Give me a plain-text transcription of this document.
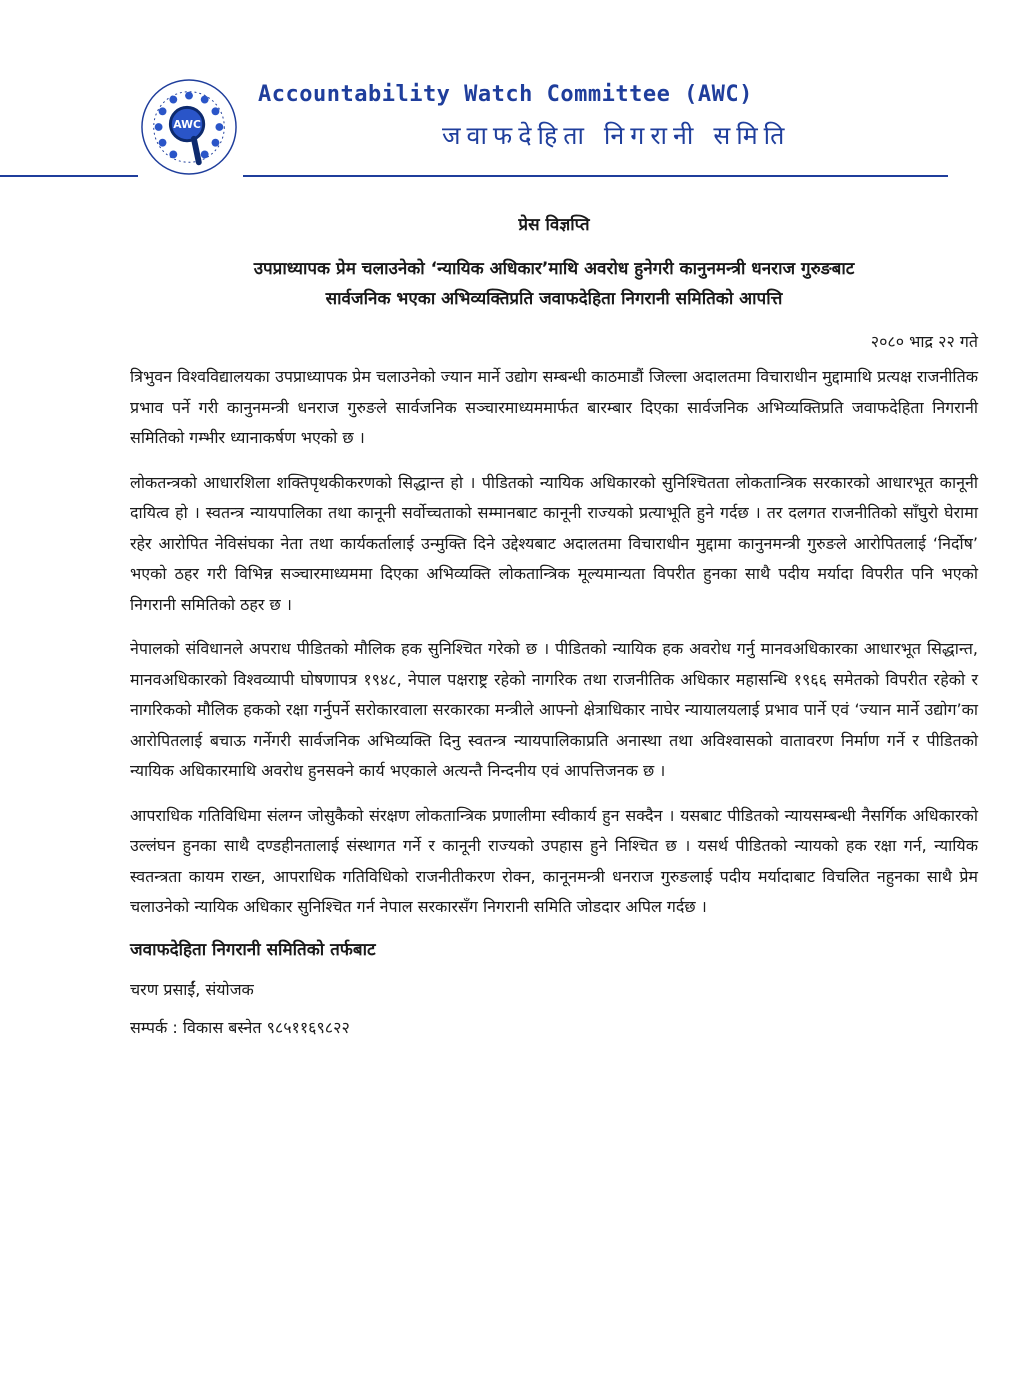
AWC
Accountability Watch Committee (AWC)
जवाफदेहिता निगरानी समिति

प्रेस विज्ञप्ति

उपप्राध्यापक प्रेम चलाउनेको ‘न्यायिक अधिकार’माथि अवरोध हुनेगरी कानुनमन्त्री धनराज गुरुङबाट
सार्वजनिक भएका अभिव्यक्तिप्रति जवाफदेहिता निगरानी समितिको आपत्ति

२०८० भाद्र २२ गते

त्रिभुवन विश्वविद्यालयका उपप्राध्यापक प्रेम चलाउनेको ज्यान मार्ने उद्योग सम्बन्धी काठमाडौं जिल्ला अदालतमा विचाराधीन मुद्दामाथि प्रत्यक्ष राजनीतिक प्रभाव पर्ने गरी कानुनमन्त्री धनराज गुरुङले सार्वजनिक सञ्चारमाध्यममार्फत बारम्बार दिएका सार्वजनिक अभिव्यक्तिप्रति जवाफदेहिता निगरानी समितिको गम्भीर ध्यानाकर्षण भएको छ ।

लोकतन्त्रको आधारशिला शक्तिपृथकीकरणको सिद्धान्त हो । पीडितको न्यायिक अधिकारको सुनिश्चितता लोकतान्त्रिक सरकारको आधारभूत कानूनी दायित्व हो । स्वतन्त्र न्यायपालिका तथा कानूनी सर्वोच्चताको सम्मानबाट कानूनी राज्यको प्रत्याभूति हुने गर्दछ । तर दलगत राजनीतिको साँघुरो घेरामा रहेर आरोपित नेविसंघका नेता तथा कार्यकर्तालाई उन्मुक्ति दिने उद्देश्यबाट अदालतमा विचाराधीन मुद्दामा कानुनमन्त्री गुरुङले आरोपितलाई ‘निर्दोष’ भएको ठहर गरी विभिन्न सञ्चारमाध्यममा दिएका अभिव्यक्ति लोकतान्त्रिक मूल्यमान्यता विपरीत हुनका साथै पदीय मर्यादा विपरीत पनि भएको निगरानी समितिको ठहर छ ।

नेपालको संविधानले अपराध पीडितको मौलिक हक सुनिश्चित गरेको छ । पीडितको न्यायिक हक अवरोध गर्नु मानवअधिकारका आधारभूत सिद्धान्त, मानवअधिकारको विश्वव्यापी घोषणापत्र १९४८, नेपाल पक्षराष्ट्र रहेको नागरिक तथा राजनीतिक अधिकार महासन्धि १९६६ समेतको विपरीत रहेको र नागरिकको मौलिक हकको रक्षा गर्नुपर्ने सरोकारवाला सरकारका मन्त्रीले आफ्नो क्षेत्राधिकार नाघेर न्यायालयलाई प्रभाव पार्ने एवं ‘ज्यान मार्ने उद्योग’का आरोपितलाई बचाऊ गर्नेगरी सार्वजनिक अभिव्यक्ति दिनु स्वतन्त्र न्यायपालिकाप्रति अनास्था तथा अविश्वासको वातावरण निर्माण गर्ने र पीडितको न्यायिक अधिकारमाथि अवरोध हुनसक्ने कार्य भएकाले अत्यन्तै निन्दनीय एवं आपत्तिजनक छ ।

आपराधिक गतिविधिमा संलग्न जोसुकैको संरक्षण लोकतान्त्रिक प्रणालीमा स्वीकार्य हुन सक्दैन । यसबाट पीडितको न्यायसम्बन्धी नैसर्गिक अधिकारको उल्लंघन हुनका साथै दण्डहीनतालाई संस्थागत गर्ने र कानूनी राज्यको उपहास हुने निश्चित छ । यसर्थ पीडितको न्यायको हक रक्षा गर्न, न्यायिक स्वतन्त्रता कायम राख्न, आपराधिक गतिविधिको राजनीतीकरण रोक्न, कानूनमन्त्री धनराज गुरुङलाई पदीय मर्यादाबाट विचलित नहुनका साथै प्रेम चलाउनेको न्यायिक अधिकार सुनिश्चित गर्न नेपाल सरकारसँग निगरानी समिति जोडदार अपिल गर्दछ ।

जवाफदेहिता निगरानी समितिको तर्फबाट

चरण प्रसाईं, संयोजक

सम्पर्क : विकास बस्नेत ९८५११६९८२२
